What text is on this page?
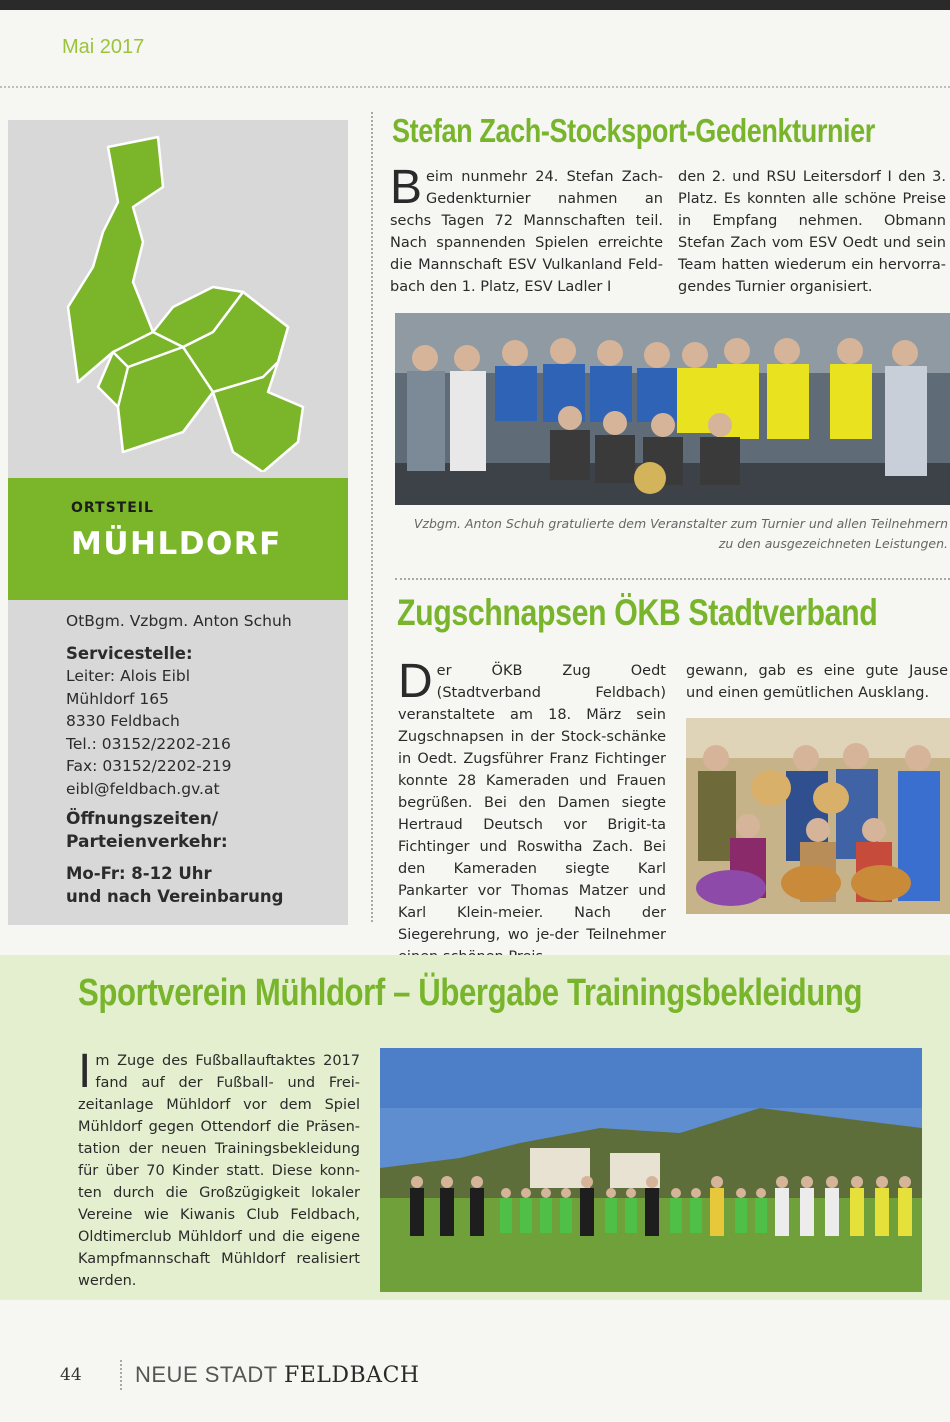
Mai 2017
ORTSTEIL
MÜHLDORF
OtBgm. Vzbgm. Anton Schuh
Servicestelle:
Leiter: Alois Eibl
Mühldorf 165
8330 Feldbach
Tel.: 03152/2202-216
Fax: 03152/2202-219
eibl@feldbach.gv.at
Öffnungszeiten/
Parteienverkehr:
Mo-Fr: 8-12 Uhr
und nach Vereinbarung
Stefan Zach-Stocksport-Gedenkturnier
Beim nunmehr 24. Stefan Zach-Gedenkturnier nahmen an sechs Tagen 72 Mannschaften teil. Nach spannenden Spielen erreichte die Mannschaft ESV Vulkanland Feld-bach den 1. Platz, ESV Ladler I
den 2. und RSU Leitersdorf I den 3. Platz. Es konnten alle schöne Preise in Empfang nehmen. Obmann Stefan Zach vom ESV Oedt und sein Team hatten wiederum ein hervorra-gendes Turnier organisiert.
Vzbgm. Anton Schuh gratulierte dem Veranstalter zum Turnier und allen Teilnehmern
zu den ausgezeichneten Leistungen.
Zugschnapsen ÖKB Stadtverband
Der ÖKB Zug Oedt (Stadtverband Feldbach) veranstaltete am 18. März sein Zugschnapsen in der Stock-schänke in Oedt. Zugsführer Franz Fichtinger konnte 28 Kameraden und Frauen begrüßen. Bei den Damen siegte Hertraud Deutsch vor Brigit-ta Fichtinger und Roswitha Zach. Bei den Kameraden siegte Karl Pankarter vor Thomas Matzer und Karl Klein-meier. Nach der Siegerehrung, wo je-der Teilnehmer
gewann, gab es eine gute Jause und einen gemütlichen Ausklang.
Sportverein Mühldorf – Übergabe Trainingsbekleidung
Im Zuge des Fußballauftaktes 2017 fand auf der Fußball- und Frei-zeitanlage Mühldorf vor dem Spiel Mühldorf gegen Ottendorf die Präsen-tation der neuen Trainingsbekleidung für über 70 Kinder statt. Diese konn-ten durch die Großzügigkeit lokaler Vereine wie Kiwanis Club Feldbach, Oldtimerclub Mühldorf und die eigene Kampfmannschaft Mühldorf realisiert werden.
44 NEUE STADT FELDBACH
